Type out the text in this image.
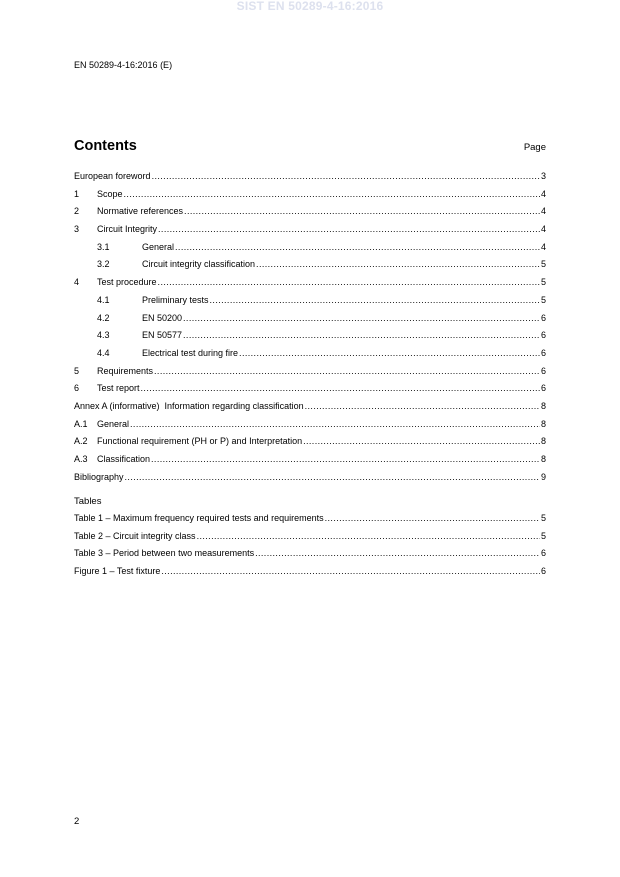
SIST EN 50289-4-16:2016
EN 50289-4-16:2016 (E)
Contents	Page
European foreword .....	3
1	Scope .....	4
2	Normative references .....	4
3	Circuit Integrity .....	4
3.1	General .....	4
3.2	Circuit integrity classification .....	5
4	Test procedure .....	5
4.1	Preliminary tests .....	5
4.2	EN 50200 .....	6
4.3	EN 50577 .....	6
4.4	Electrical test during fire .....	6
5	Requirements .....	6
6	Test report .....	6
Annex A (informative)  Information regarding classification .....	8
A.1	General .....	8
A.2	Functional requirement (PH or P) and Interpretation .....	8
A.3	Classification .....	8
Bibliography .....	9
Tables
Table 1 – Maximum frequency required tests and requirements .....	5
Table 2 – Circuit integrity class .....	5
Table 3 – Period between two measurements .....	6
Figure 1 – Test fixture .....	6
2
